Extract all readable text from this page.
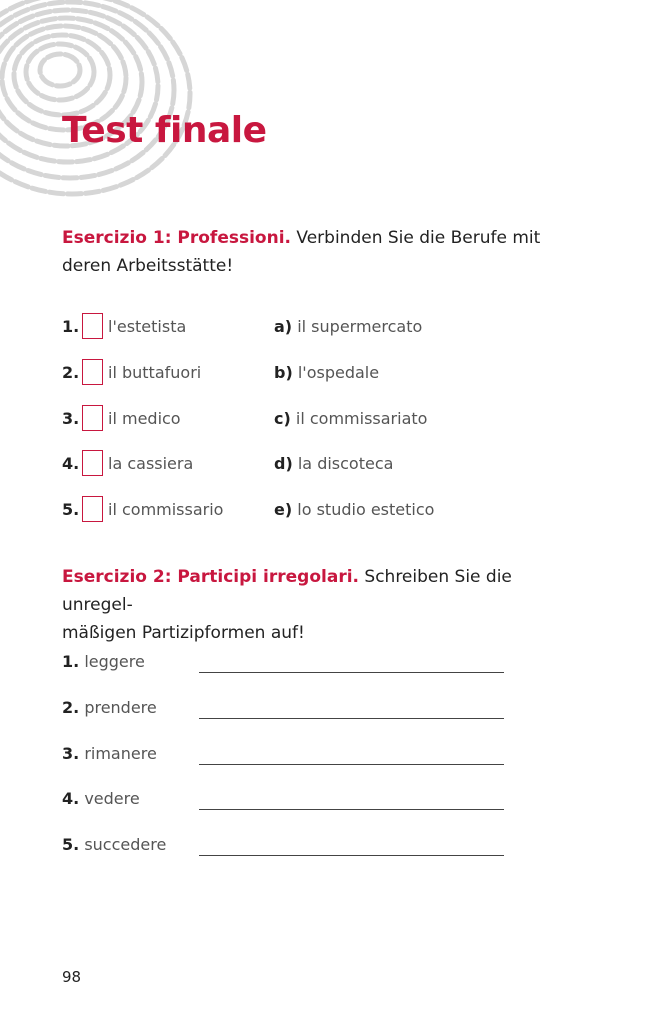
Test finale
Esercizio 1: Professioni. Verbinden Sie die Berufe mit deren Arbeitsstätte!
1. l'estetista	a) il supermercato
2. il buttafuori	b) l'ospedale
3. il medico	c) il commissariato
4. la cassiera	d) la discoteca
5. il commissario	e) lo studio estetico
Esercizio 2: Participi irregolari. Schreiben Sie die unregel-
mäßigen Partizipformen auf!
1. leggere
2. prendere
3. rimanere
4. vedere
5. succedere
98
